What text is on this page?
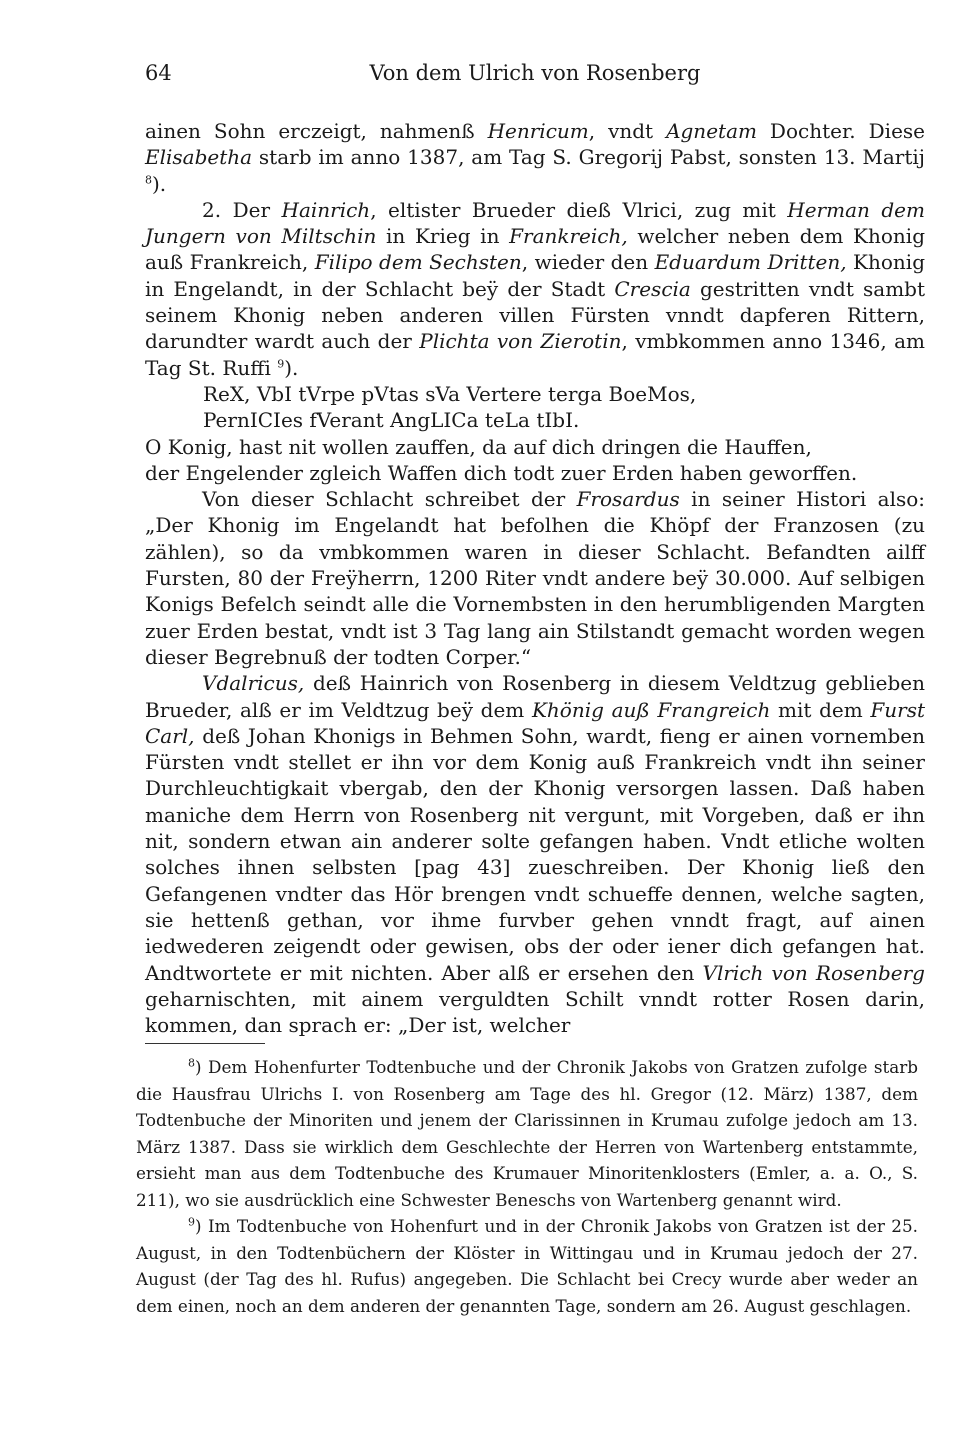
64	Von dem Ulrich von Rosenberg

ainen Sohn erczeigt, nahmenß Henricum, vndt Agnetam Dochter. Diese Elisabetha starb im anno 1387, am Tag S. Gregorij Pabst, sonsten 13. Martij $^8$).

2. Der Hainrich, eltister Brueder dieß Vlrici, zug mit Herman dem Jungern von Miltschin in Krieg in Frankreich, welcher neben dem Khonig auß Frankreich, Filipo dem Sechsten, wieder den Eduardum Dritten, Khonig in Engelandt, in der Schlacht beÿ der Stadt Crescia gestritten vndt sambt seinem Khonig neben anderen villen Fürsten vnndt dapferen Rittern, darundter wardt auch der Plichta von Zierotin, vmbkommen anno 1346, am Tag St. Ruffi $^9$).

ReX, VbI tVrpe pVtas sVa Vertere terga BoeMos,
PernICIes fVerant AngLICa teLa tIbI.
O Konig, hast nit wollen zauffen, da auf dich dringen die Hauffen,
der Engelender zgleich Waffen dich todt zuer Erden haben geworffen.

Von dieser Schlacht schreibet der Frosardus in seiner Histori also: „Der Khonig im Engelandt hat befolhen die Khöpf der Franzosen (zu zählen), so da vmbkommen waren in dieser Schlacht. Befandten ailff Fursten, 80 der Freÿherrn, 1200 Riter vndt andere beÿ 30.000. Auf selbigen Konigs Befelch seindt alle die Vornembsten in den herumbligenden Margten zuer Erden bestat, vndt ist 3 Tag lang ain Stilstandt gemacht worden wegen dieser Begrebnuß der todten Corper.“

Vdalricus, deß Hainrich von Rosenberg in diesem Veldtzug geblieben Brueder, alß er im Veldtzug beÿ dem Khönig auß Frangreich mit dem Furst Carl, deß Johan Khonigs in Behmen Sohn, wardt, fieng er ainen vornemben Fürsten vndt stellet er ihn vor dem Konig auß Frankreich vndt ihn seiner Durchleuchtigkait vbergab, den der Khonig versorgen lassen. Daß haben maniche dem Herrn von Rosenberg nit vergunt, mit Vorgeben, daß er ihn nit, sondern etwan ain anderer solte gefangen haben. Vndt etliche wolten solches ihnen selbsten [pag 43] zueschreiben. Der Khonig ließ den Gefangenen vndter das Hör brengen vndt schueffe dennen, welche sagten, sie hettenß gethan, vor ihme furvber gehen vnndt fragt, auf ainen iedwederen zeigendt oder gewisen, obs der oder iener dich gefangen hat. Andtwortete er mit nichten. Aber alß er ersehen den Vlrich von Rosenberg geharnischten, mit ainem verguldten Schilt vnndt rotter Rosen darin, kommen, dan sprach er: „Der ist, welcher

$^8$) Dem Hohenfurter Todtenbuche und der Chronik Jakobs von Gratzen zufolge starb die Hausfrau Ulrichs I. von Rosenberg am Tage des hl. Gregor (12. März) 1387, dem Todtenbuche der Minoriten und jenem der Clarissinnen in Krumau zufolge jedoch am 13. März 1387. Dass sie wirklich dem Geschlechte der Herren von Wartenberg entstammte, ersieht man aus dem Todtenbuche des Krumauer Minoritenklosters (Emler, a. a. O., S. 211), wo sie ausdrücklich eine Schwester Beneschs von Wartenberg genannt wird.

$^9$) Im Todtenbuche von Hohenfurt und in der Chronik Jakobs von Gratzen ist der 25. August, in den Todtenbüchern der Klöster in Wittingau und in Krumau jedoch der 27. August (der Tag des hl. Rufus) angegeben. Die Schlacht bei Crecy wurde aber weder an dem einen, noch an dem anderen der genannten Tage, sondern am 26. August geschlagen.
